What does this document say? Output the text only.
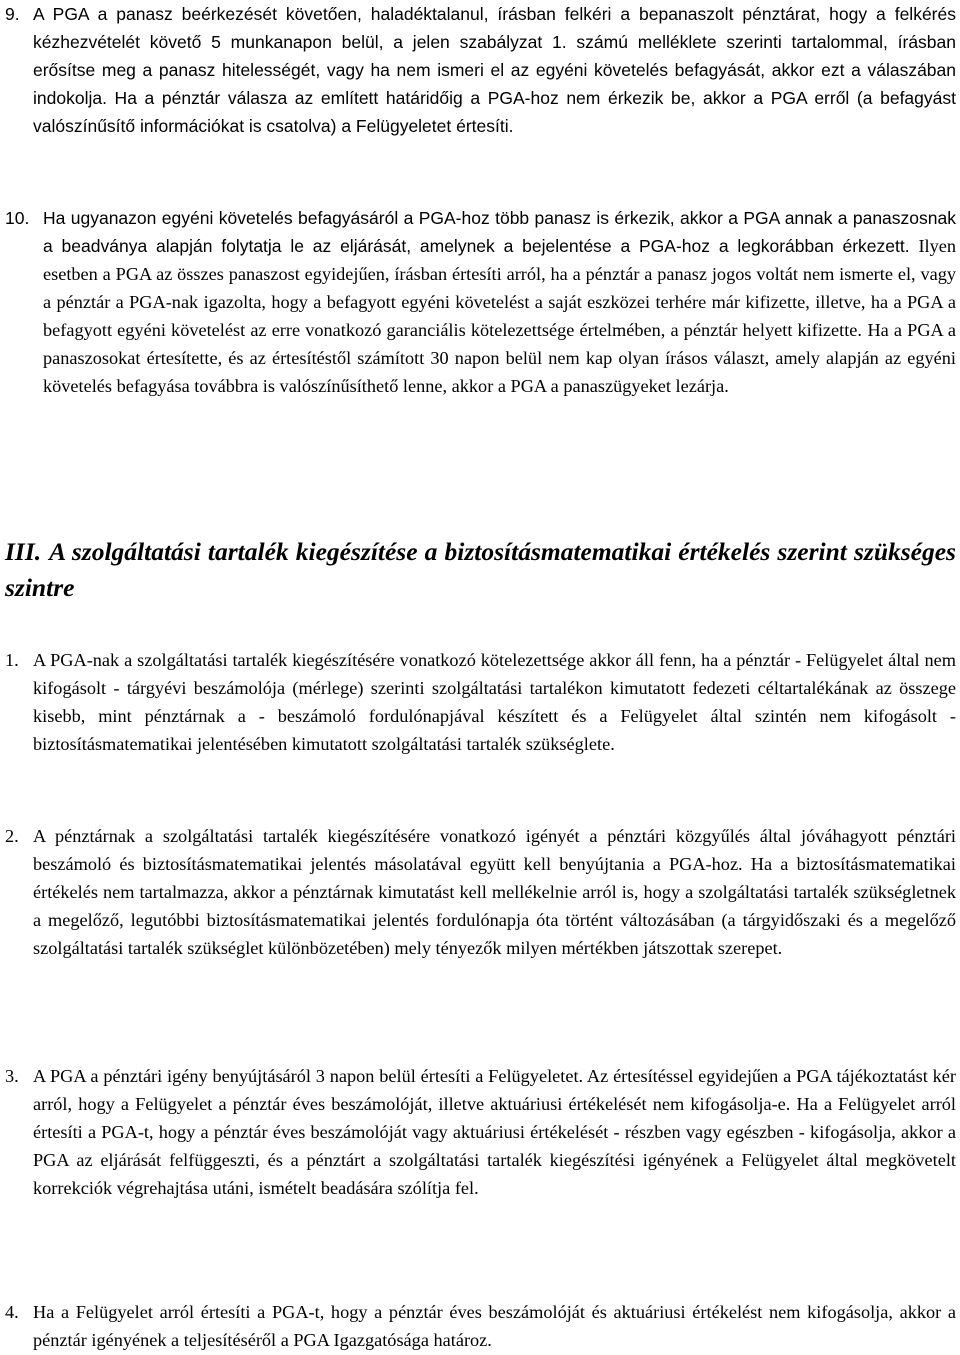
9. A PGA a panasz beérkezését követően, haladéktalanul, írásban felkéri a bepanaszolt pénztárat, hogy a felkérés kézhezvételét követő 5 munkanapon belül, a jelen szabályzat 1. számú melléklete szerinti tartalommal, írásban erősítse meg a panasz hitelességét, vagy ha nem ismeri el az egyéni követelés befagyását, akkor ezt a válaszában indokolja. Ha a pénztár válasza az említett határidőig a PGA-hoz nem érkezik be, akkor a PGA erről (a befagyást valószínűsítő információkat is csatolva) a Felügyeletet értesíti.
10. Ha ugyanazon egyéni követelés befagyásáról a PGA-hoz több panasz is érkezik, akkor a PGA annak a panaszosnak a beadványa alapján folytatja le az eljárását, amelynek a bejelentése a PGA-hoz a legkorábban érkezett. Ilyen esetben a PGA az összes panaszost egyidejűen, írásban értesíti arról, ha a pénztár a panasz jogos voltát nem ismerte el, vagy a pénztár a PGA-nak igazolta, hogy a befagyott egyéni követelést a saját eszközei terhére már kifizette, illetve, ha a PGA a befagyott egyéni követelést az erre vonatkozó garanciális kötelezettsége értelmében, a pénztár helyett kifizette. Ha a PGA a panaszosokat értesítette, és az értesítéstől számított 30 napon belül nem kap olyan írásos választ, amely alapján az egyéni követelés befagyása továbbra is valószínűsíthető lenne, akkor a PGA a panaszügyeket lezárja.
III. A szolgáltatási tartalék kiegészítése a biztosításmatematikai értékelés szerint szükséges szintre
1. A PGA-nak a szolgáltatási tartalék kiegészítésére vonatkozó kötelezettsége akkor áll fenn, ha a pénztár - Felügyelet által nem kifogásolt - tárgyévi beszámolója (mérlege) szerinti szolgáltatási tartalékon kimutatott fedezeti céltartalékának az összege kisebb, mint pénztárnak a - beszámoló fordulónapjával készített és a Felügyelet által szintén nem kifogásolt - biztosításmatematikai jelentésében kimutatott szolgáltatási tartalék szükséglete.
2. A pénztárnak a szolgáltatási tartalék kiegészítésére vonatkozó igényét a pénztári közgyűlés által jóváhagyott pénztári beszámoló és biztosításmatematikai jelentés másolatával együtt kell benyújtania a PGA-hoz. Ha a biztosításmatematikai értékelés nem tartalmazza, akkor a pénztárnak kimutatást kell mellékelnie arról is, hogy a szolgáltatási tartalék szükségletnek a megelőző, legutóbbi biztosításmatematikai jelentés fordulónapja óta történt változásában (a tárgyidőszaki és a megelőző szolgáltatási tartalék szükséglet különbözetében) mely tényezők milyen mértékben játszottak szerepet.
3. A PGA a pénztári igény benyújtásáról 3 napon belül értesíti a Felügyeletet. Az értesítéssel egyidejűen a PGA tájékoztatást kér arról, hogy a Felügyelet a pénztár éves beszámolóját, illetve aktuáriusi értékelését nem kifogásolja-e. Ha a Felügyelet arról értesíti a PGA-t, hogy a pénztár éves beszámolóját vagy aktuáriusi értékelését - részben vagy egészben - kifogásolja, akkor a PGA az eljárását felfüggeszti, és a pénztárt a szolgáltatási tartalék kiegészítési igényének a Felügyelet által megkövetelt korrekciók végrehajtása utáni, ismételt beadására szólítja fel.
4. Ha a Felügyelet arról értesíti a PGA-t, hogy a pénztár éves beszámolóját és aktuáriusi értékelést nem kifogásolja, akkor a pénztár igényének a teljesítéséről a PGA Igazgatósága határoz.
